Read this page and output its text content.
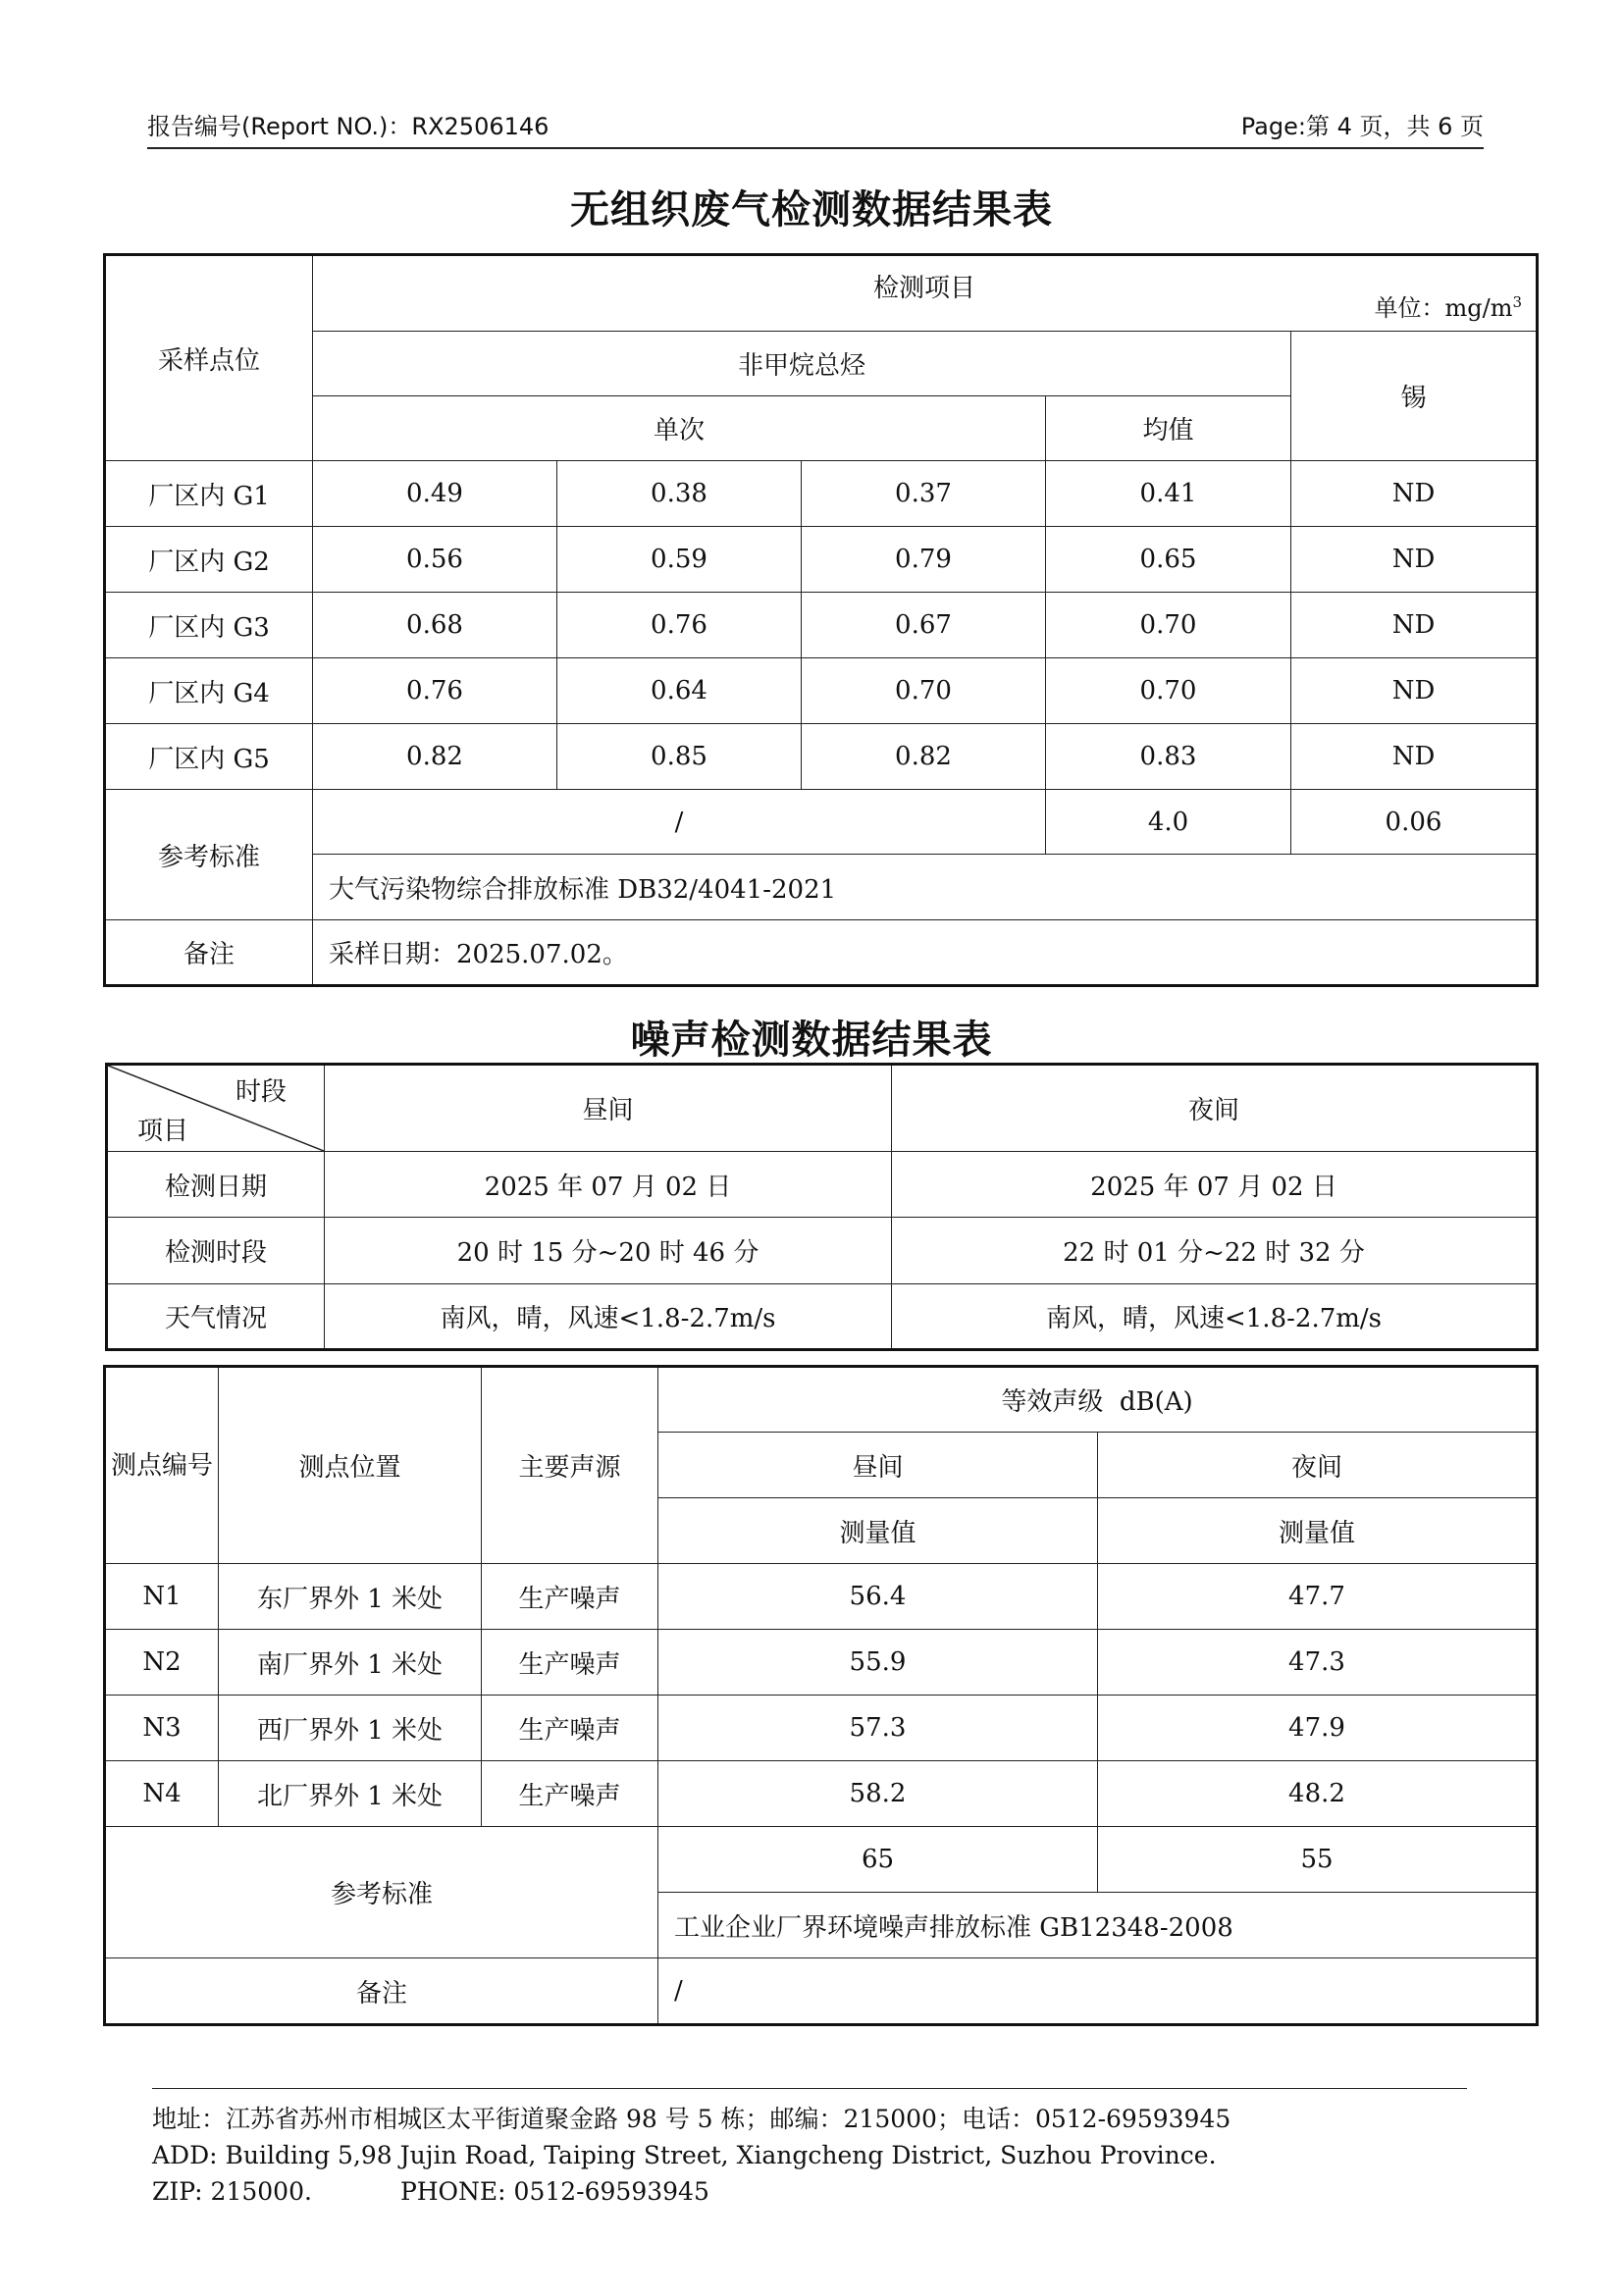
报告编号(Report NO.)：RX2506146	Page:第 4 页，共 6 页
无组织废气检测数据结果表
采样点位	检测项目
单位：$mg/m^3$

	非甲烷总烃				锡
	单次			均值	
厂区内 G1	0.49	0.38	0.37	0.41	ND
厂区内 G2	0.56	0.59	0.79	0.65	ND
厂区内 G3	0.68	0.76	0.67	0.70	ND
厂区内 G4	0.76	0.64	0.70	0.70	ND
厂区内 G5	0.82	0.85	0.82	0.83	ND
参考标准	/			4.0	0.06
	大气污染物综合排放标准 DB32/4041-2021				
备注	采样日期：2025.07.02。				
噪声检测数据结果表
时段
项目	昼间	夜间
检测日期	2025 年 07 月 02 日	2025 年 07 月 02 日
检测时段	20 时 15 分~20 时 46 分	22 时 01 分~22 时 32 分
天气情况	南风，晴，风速<1.8-2.7m/s	南风，晴，风速<1.8-2.7m/s
测点编号	测点位置	主要声源	等效声级  dB(A)	
			昼间	夜间
			测量值	测量值
N1	东厂界外 1 米处	生产噪声	56.4	47.7
N2	南厂界外 1 米处	生产噪声	55.9	47.3
N3	西厂界外 1 米处	生产噪声	57.3	47.9
N4	北厂界外 1 米处	生产噪声	58.2	48.2
参考标准			65	55
			工业企业厂界环境噪声排放标准 GB12348-2008	
备注			/	
地址：江苏省苏州市相城区太平街道聚金路 98 号 5 栋；邮编：215000；电话：0512-69593945
ADD: Building 5,98 Jujin Road, Taiping Street, Xiangcheng District, Suzhou Province.
ZIP: 215000.	PHONE: 0512-69593945
